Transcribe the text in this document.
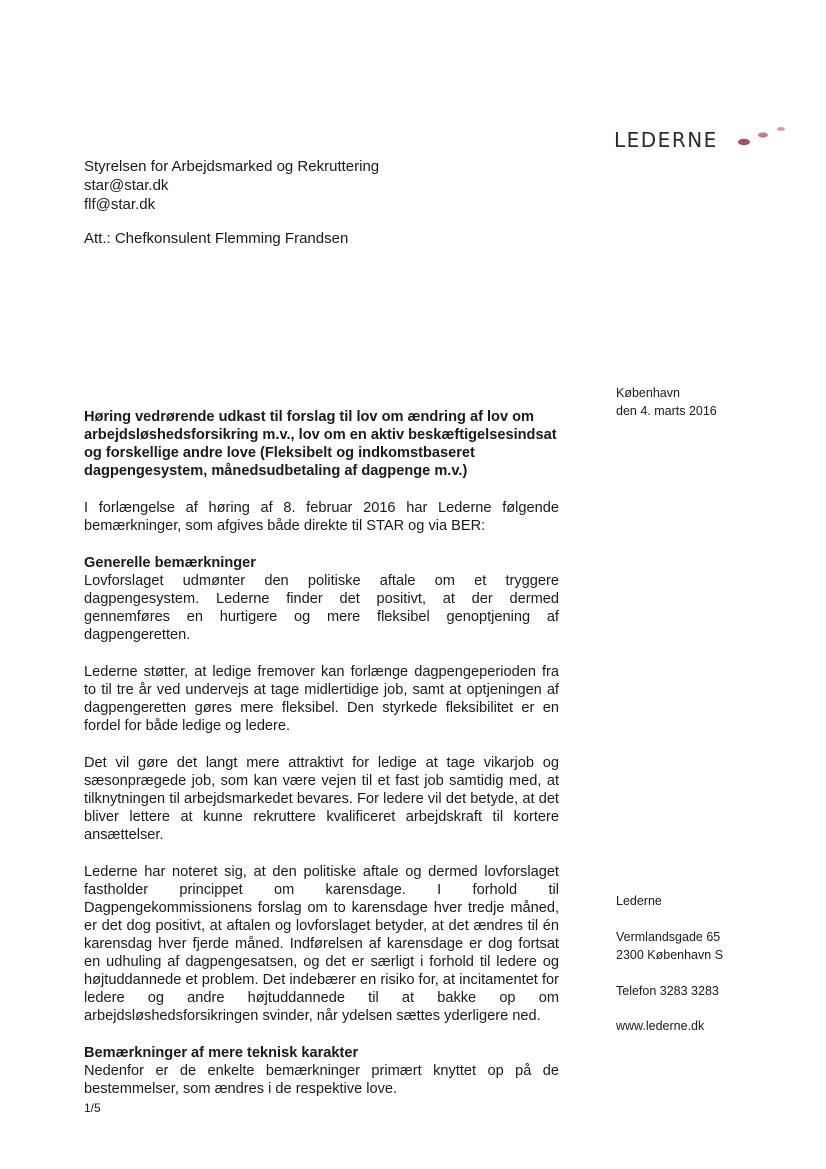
LEDERNE
Styrelsen for Arbejdsmarked og Rekruttering
star@star.dk
flf@star.dk
Att.: Chefkonsulent Flemming Frandsen
København
den 4. marts 2016
Høring vedrørende udkast til forslag til lov om ændring af lov om arbejdsløshedsforsikring m.v., lov om en aktiv beskæftigelsesindsat og forskellige andre love (Fleksibelt og indkomstbaseret dagpengesystem, månedsudbetaling af dagpenge m.v.)

I forlængelse af høring af 8. februar 2016 har Lederne følgende bemærkninger, som afgives både direkte til STAR og via BER:

Generelle bemærkninger

Lovforslaget udmønter den politiske aftale om et tryggere dagpengesystem. Lederne finder det positivt, at der dermed gennemføres en hurtigere og mere fleksibel genoptjening af dagpengeretten.

Lederne støtter, at ledige fremover kan forlænge dagpengeperioden fra to til tre år ved undervejs at tage midlertidige job, samt at optjeningen af dagpengeretten gøres mere fleksibel. Den styrkede fleksibilitet er en fordel for både ledige og ledere.

Det vil gøre det langt mere attraktivt for ledige at tage vikarjob og sæsonprægede job, som kan være vejen til et fast job samtidig med, at tilknytningen til arbejdsmarkedet bevares. For ledere vil det betyde, at det bliver lettere at kunne rekruttere kvalificeret arbejdskraft til kortere ansættelser.

Lederne har noteret sig, at den politiske aftale og dermed lovforslaget fastholder princippet om karensdage. I forhold til Dagpengekommissionens forslag om to karensdage hver tredje måned, er det dog positivt, at aftalen og lovforslaget betyder, at det ændres til én karensdag hver fjerde måned. Indførelsen af karensdage er dog fortsat en udhuling af dagpengesatsen, og det er særligt i forhold til ledere og højtuddannede et problem. Det indebærer en risiko for, at incitamentet for ledere og andre højtuddannede til at bakke op om arbejdsløshedsforsikringen svinder, når ydelsen sættes yderligere ned.

Bemærkninger af mere teknisk karakter

Nedenfor er de enkelte bemærkninger primært knyttet op på de bestemmelser, som ændres i de respektive love.

Lederne
Vermlandsgade 65
2300 København S
Telefon 3283 3283
www.lederne.dk
1/5
